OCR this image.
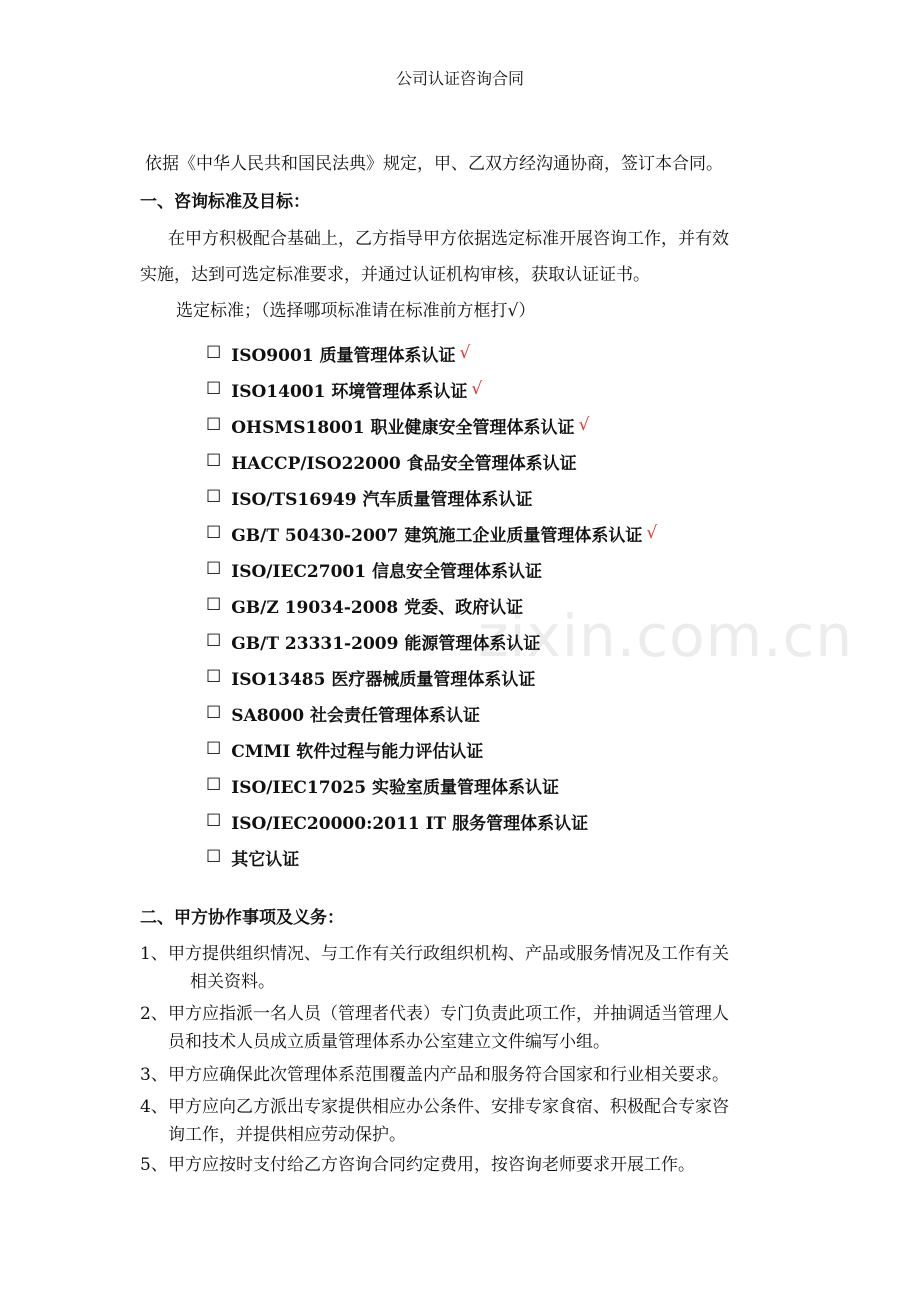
zixin.com.cn
公司认证咨询合同
依据《中华人民共和国民法典》规定，甲、乙双方经沟通协商，签订本合同。
一、咨询标准及目标：
在甲方积极配合基础上，乙方指导甲方依据选定标准开展咨询工作，并有效
实施，达到可选定标准要求，并通过认证机构审核，获取认证证书。
选定标准；（选择哪项标准请在标准前方框打√）
☐ ISO9001 质量管理体系认证 √
☐ ISO14001 环境管理体系认证 √
☐ OHSMS18001 职业健康安全管理体系认证 √
☐ HACCP/ISO22000 食品安全管理体系认证
☐ ISO/TS16949 汽车质量管理体系认证
☐ GB/T 50430-2007 建筑施工企业质量管理体系认证 √
☐ ISO/IEC27001 信息安全管理体系认证
☐ GB/Z 19034-2008 党委、政府认证
☐ GB/T 23331-2009 能源管理体系认证
☐ ISO13485 医疗器械质量管理体系认证
☐ SA8000 社会责任管理体系认证
☐ CMMI 软件过程与能力评估认证
☐ ISO/IEC17025 实验室质量管理体系认证
☐ ISO/IEC20000:2011 IT 服务管理体系认证
☐ 其它认证
二、甲方协作事项及义务：
1、 甲方提供组织情况、与工作有关行政组织机构、产品或服务情况及工作有关
相关资料。
2、 甲方应指派一名人员（管理者代表）专门负责此项工作，并抽调适当管理人
员和技术人员成立质量管理体系办公室建立文件编写小组。
3、 甲方应确保此次管理体系范围覆盖内产品和服务符合国家和行业相关要求。
4、 甲方应向乙方派出专家提供相应办公条件、安排专家食宿、积极配合专家咨
询工作，并提供相应劳动保护。
5、 甲方应按时支付给乙方咨询合同约定费用，按咨询老师要求开展工作。
